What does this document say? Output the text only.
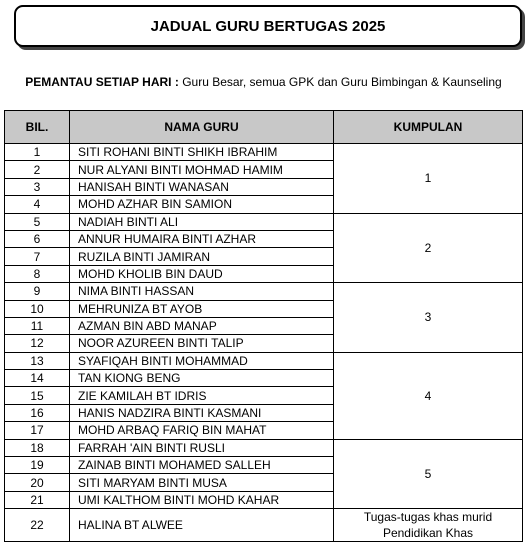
JADUAL GURU BERTUGAS 2025
PEMANTAU SETIAP HARI : Guru Besar, semua GPK dan Guru Bimbingan & Kaunseling
BIL.	NAMA GURU	KUMPULAN
1	SITI ROHANI BINTI SHIKH IBRAHIM	1
2	NUR ALYANI BINTI MOHMAD HAMIM	
3	HANISAH BINTI WANASAN	
4	MOHD AZHAR BIN SAMION	
5	NADIAH BINTI ALI	2
6	ANNUR HUMAIRA BINTI AZHAR	
7	RUZILA BINTI JAMIRAN	
8	MOHD KHOLIB BIN DAUD	
9	NIMA BINTI HASSAN	3
10	MEHRUNIZA BT AYOB	
11	AZMAN BIN ABD MANAP	
12	NOOR AZUREEN BINTI TALIP	
13	SYAFIQAH BINTI MOHAMMAD	4
14	TAN KIONG BENG	
15	ZIE KAMILAH BT IDRIS	
16	HANIS NADZIRA BINTI KASMANI	
17	MOHD ARBAQ FARIQ BIN MAHAT	
18	FARRAH 'AIN BINTI RUSLI	5
19	ZAINAB BINTI MOHAMED SALLEH	
20	SITI MARYAM BINTI MUSA	
21	UMI KALTHOM BINTI MOHD KAHAR	
22	HALINA BT ALWEE	Tugas-tugas khas murid
Pendidikan Khas
